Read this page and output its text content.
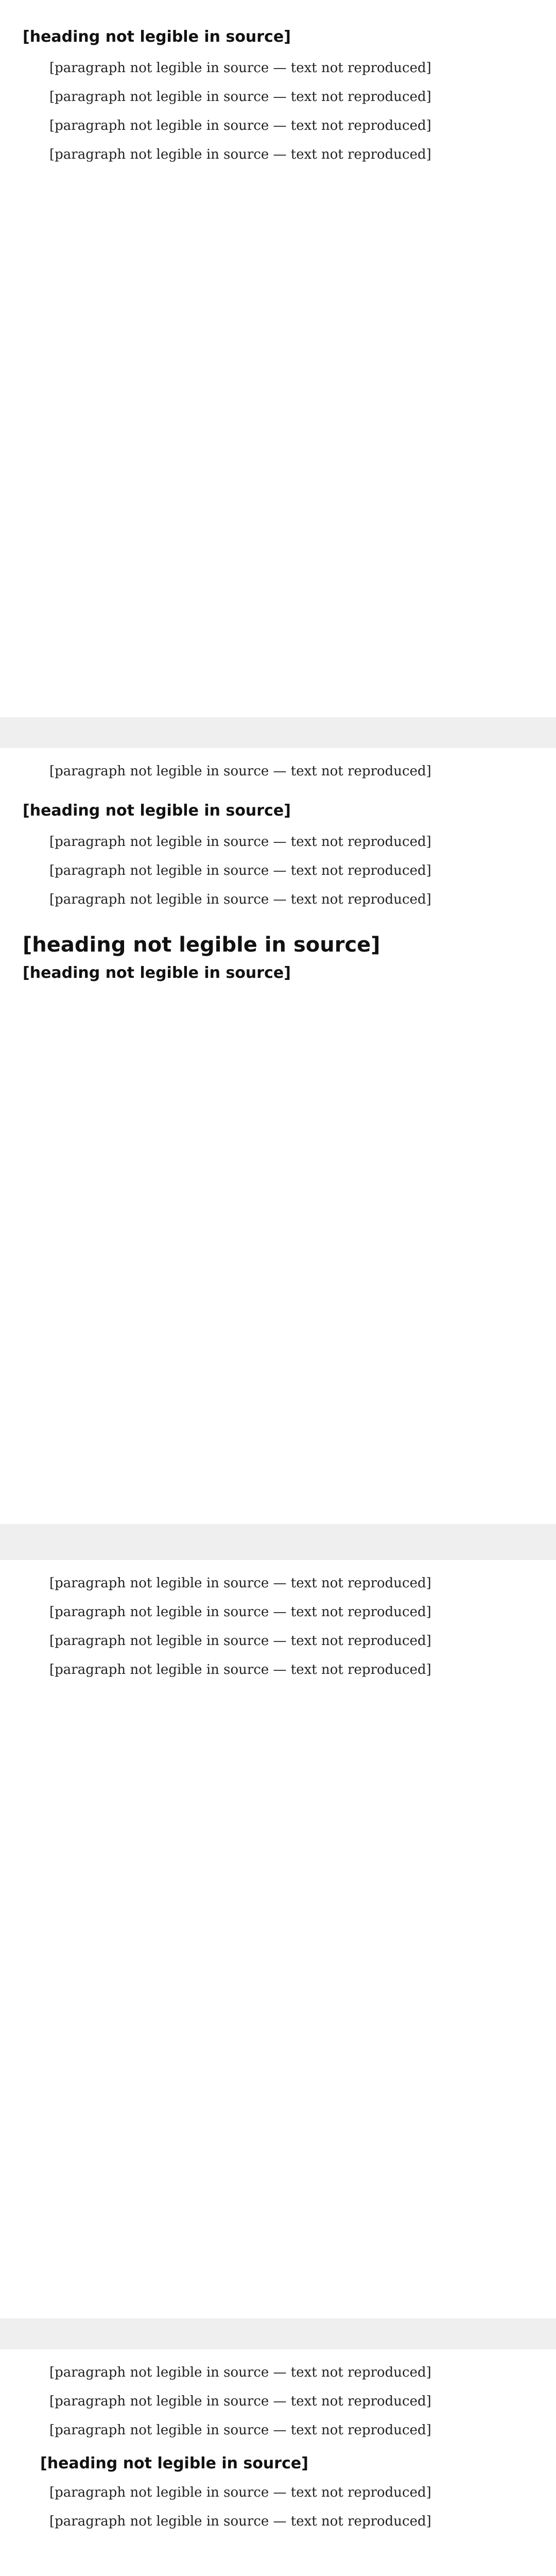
[heading not legible in source]

[paragraph not legible in source — text not reproduced]

[paragraph not legible in source — text not reproduced]

[paragraph not legible in source — text not reproduced]

[paragraph not legible in source — text not reproduced]

[paragraph not legible in source — text not reproduced]

[heading not legible in source]

[paragraph not legible in source — text not reproduced]

[paragraph not legible in source — text not reproduced]

[paragraph not legible in source — text not reproduced]

[heading not legible in source]
[heading not legible in source]

[paragraph not legible in source — text not reproduced]

[paragraph not legible in source — text not reproduced]

[paragraph not legible in source — text not reproduced]

[paragraph not legible in source — text not reproduced]

[paragraph not legible in source — text not reproduced]

[paragraph not legible in source — text not reproduced]

[paragraph not legible in source — text not reproduced]

[heading not legible in source]

[paragraph not legible in source — text not reproduced]

[paragraph not legible in source — text not reproduced]
